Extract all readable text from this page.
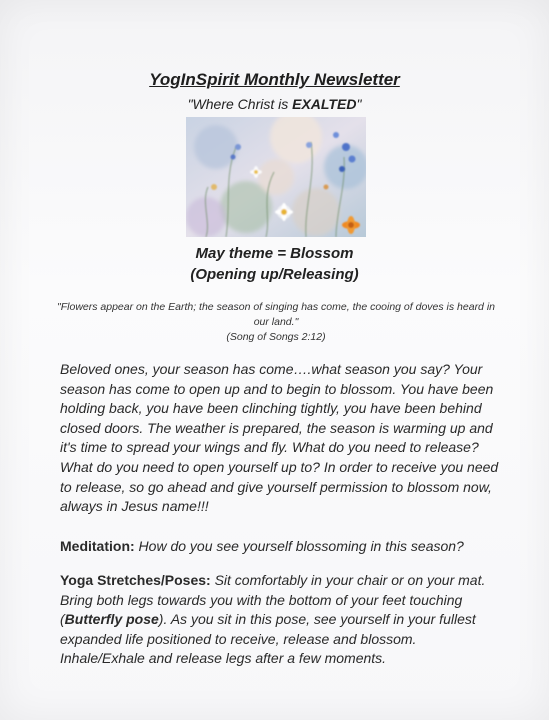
YogInSpirit Monthly Newsletter
"Where Christ is EXALTED"
May theme = Blossom
(Opening up/Releasing)
"Flowers appear on the Earth; the season of singing has come, the cooing of doves is heard in our land."
(Song of Songs 2:12)
Beloved ones, your season has come….what season you say? Your season has come to open up and to begin to blossom. You have been holding back, you have been clinching tightly, you have been behind closed doors. The weather is prepared, the season is warming up and it's time to spread your wings and fly. What do you need to release? What do you need to open yourself up to? In order to receive you need to release, so go ahead and give yourself permission to blossom now, always in Jesus name!!!
Meditation: How do you see yourself blossoming in this season?
Yoga Stretches/Poses: Sit comfortably in your chair or on your mat. Bring both legs towards you with the bottom of your feet touching (Butterfly pose). As you sit in this pose, see yourself in your fullest expanded life positioned to receive, release and blossom. Inhale/Exhale and release legs after a few moments.
